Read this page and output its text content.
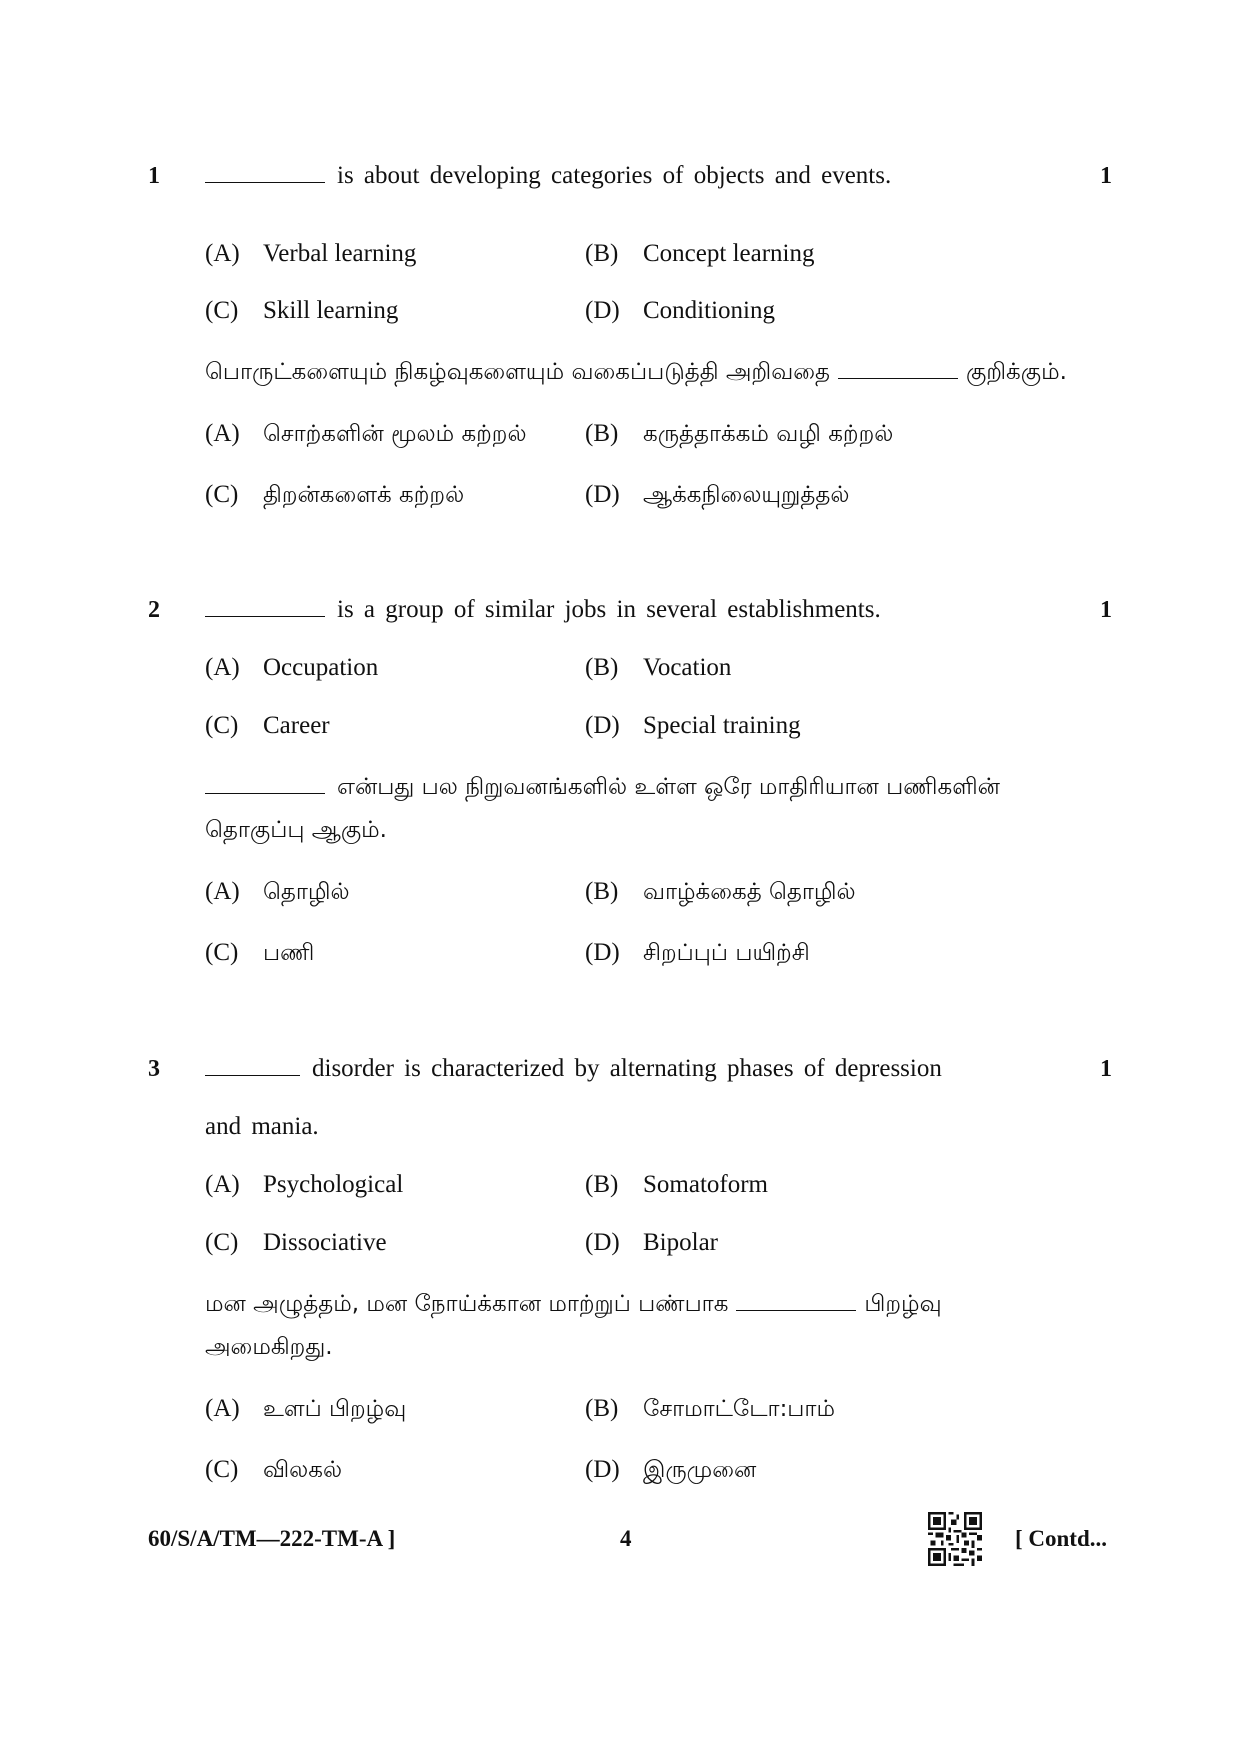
1	1
is about developing categories of objects and events.
(A) Verbal learning	(B) Concept learning
(C) Skill learning	(D) Conditioning
பொருட்களையும் நிகழ்வுகளையும் வகைப்படுத்தி அறிவதை	குறிக்கும்.
(A) சொற்களின் மூலம் கற்றல் (B) கருத்தாக்கம் வழி கற்றல்
(C) திறன்களைக் கற்றல்	(D) ஆக்கநிலையுறுத்தல்
2	1
is a group of similar jobs in several establishments.
(A) Occupation	(B) Vocation
(C) Career	(D) Special training
என்பது பல நிறுவனங்களில் உள்ள ஒரே மாதிரியான பணிகளின்
தொகுப்பு ஆகும்.
(A) தொழில்	(B) வாழ்க்கைத் தொழில்
(C) பணி	(D) சிறப்புப் பயிற்சி
3	1
disorder is characterized by alternating phases of depression
and mania.
(A) Psychological	(B) Somatoform
(C) Dissociative	(D) Bipolar
மன அழுத்தம், மன நோய்க்கான மாற்றுப் பண்பாக	பிறழ்வு
அமைகிறது.
(A) உளப் பிறழ்வு	(B) சோமாட்டோ:பாம்
(C) விலகல்	(D) இருமுனை
60/S/A/TM—222-TM-A ]	4	[ Contd...
